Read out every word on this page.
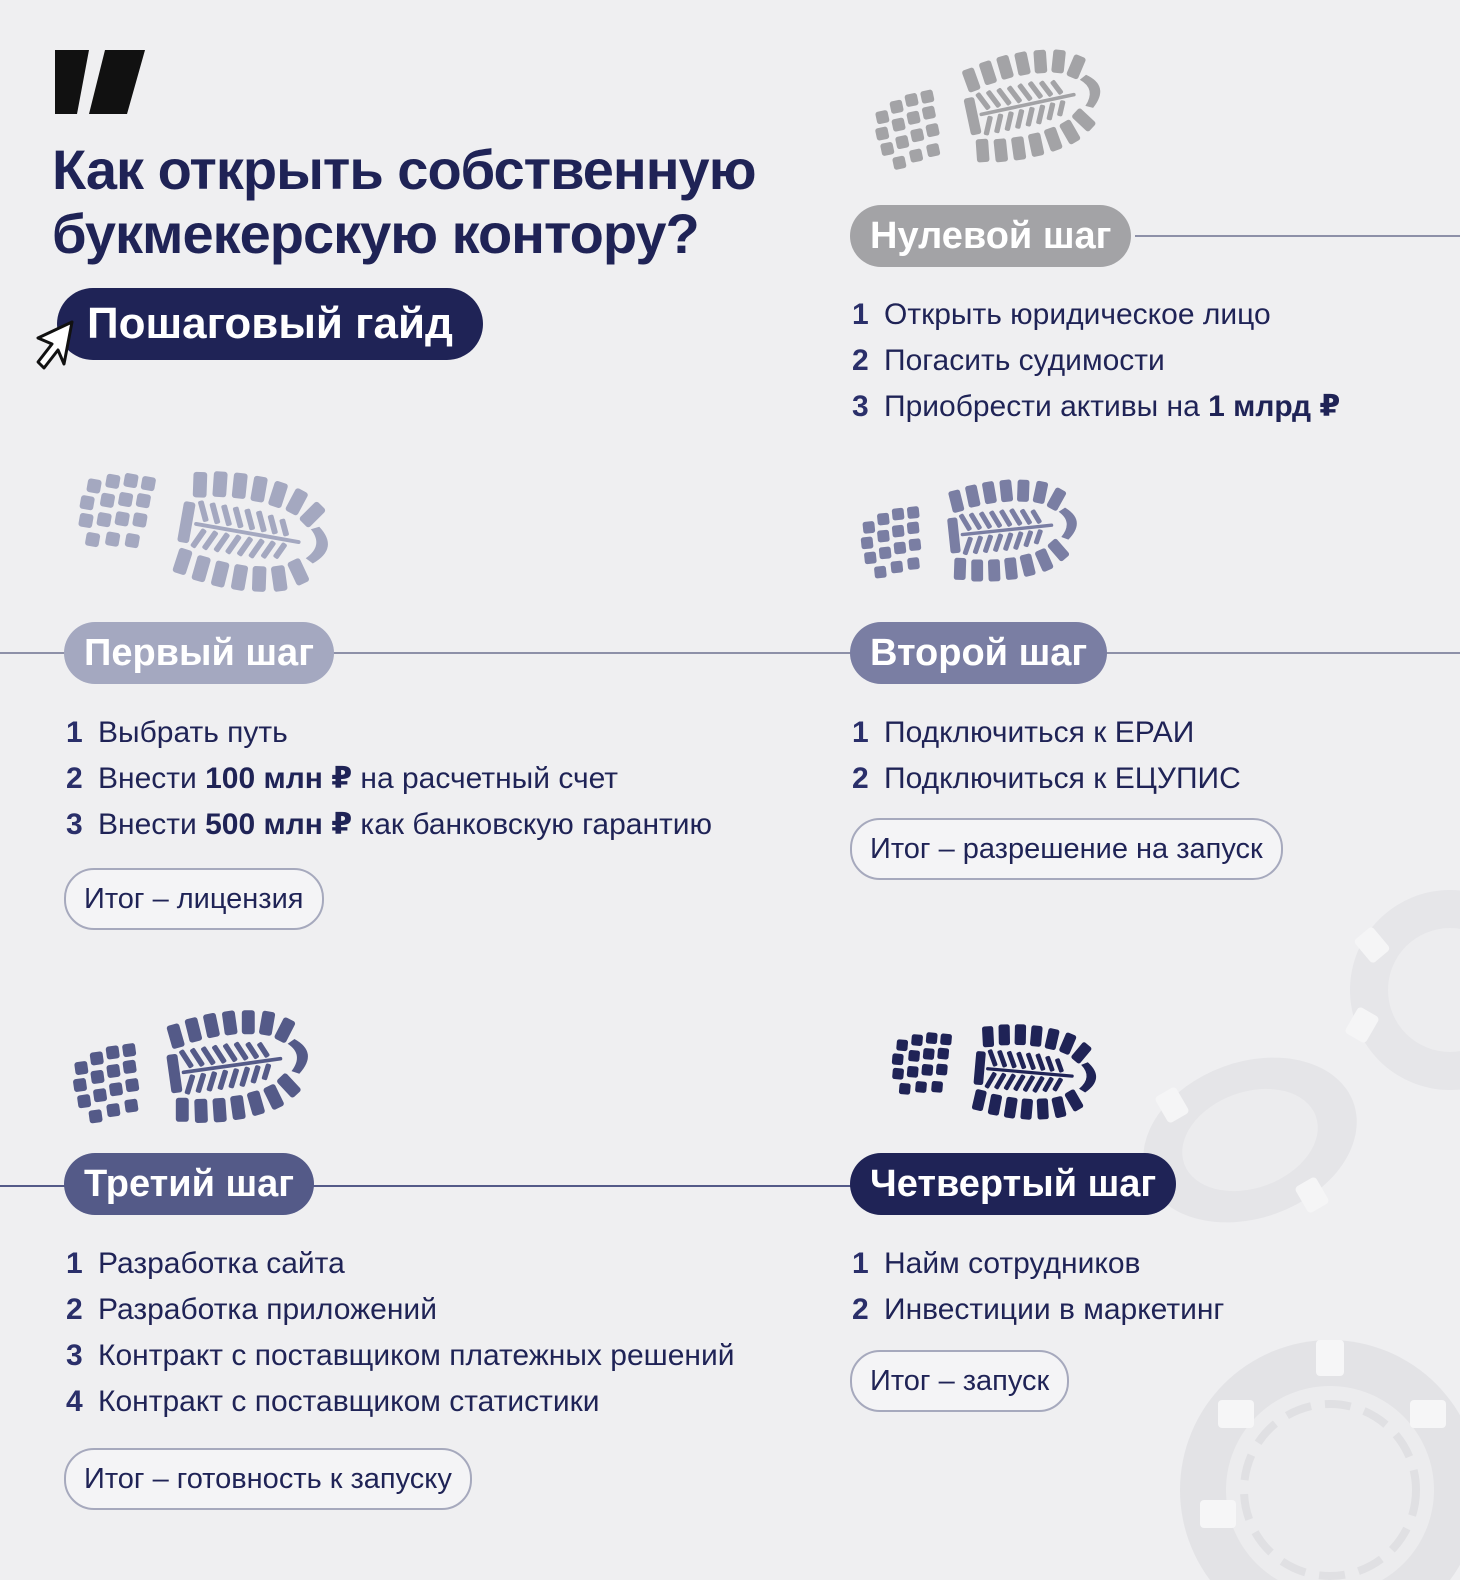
Как открыть собственную
букмекерскую контору?
Пошаговый гайд
Нулевой шаг
1 Открыть юридическое лицо
2 Погасить судимости
3 Приобрести активы на 1 млрд ₽
Первый шаг
1 Выбрать путь
2 Внести 100 млн ₽ на расчетный счет
3 Внести 500 млн ₽ как банковскую гарантию
Итог – лицензия
Второй шаг
1 Подключиться к ЕРАИ
2 Подключиться к ЕЦУПИС
Итог – разрешение на запуск
Третий шаг
1 Разработка сайта
2 Разработка приложений
3 Контракт с поставщиком платежных решений
4 Контракт с поставщиком статистики
Итог – готовность к запуску
Четвертый шаг
1 Найм сотрудников
2 Инвестиции в маркетинг
Итог – запуск
